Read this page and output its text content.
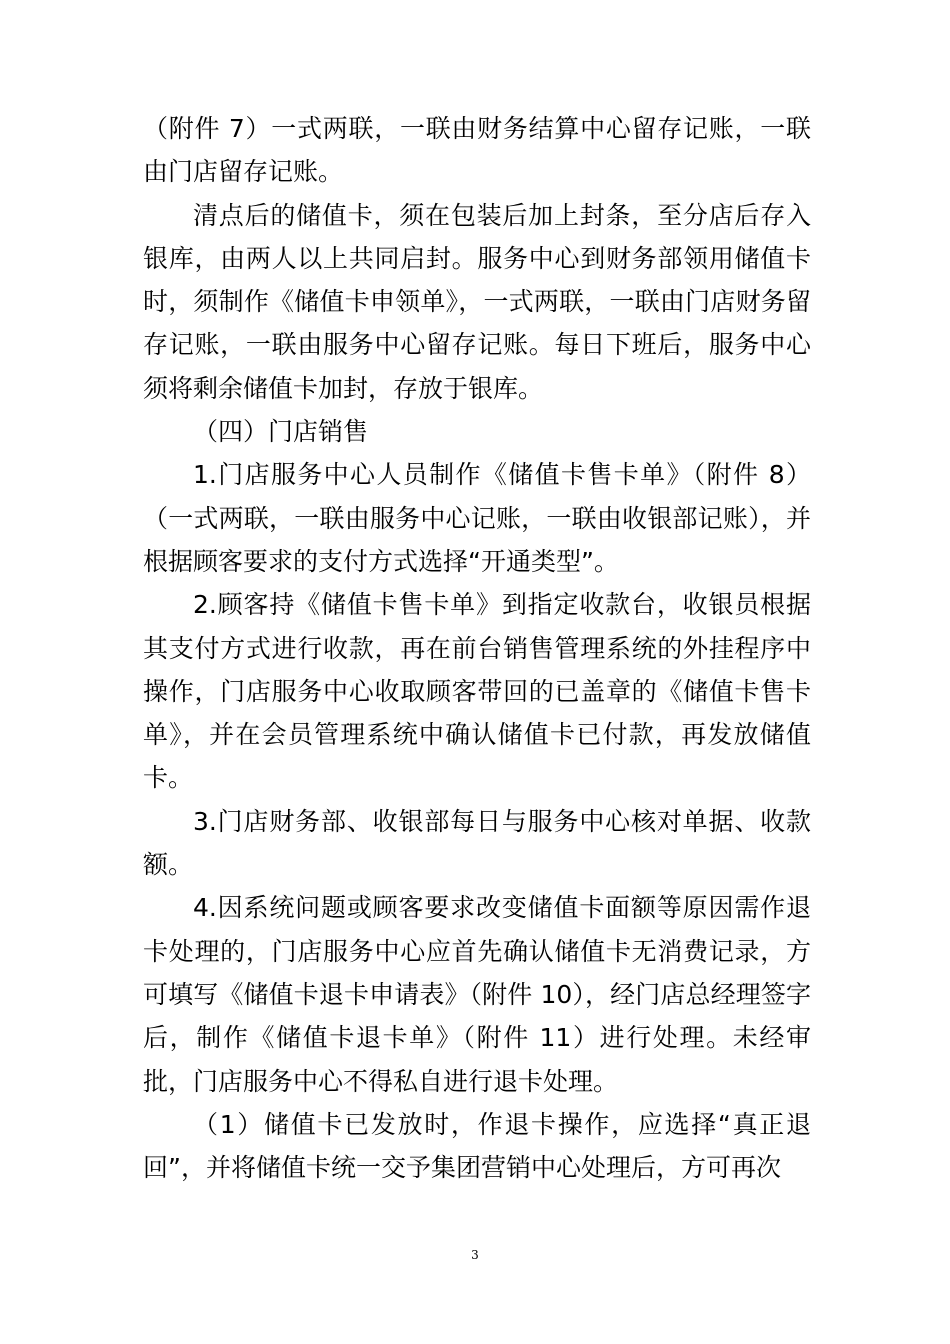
（附件 7）一式两联，一联由财务结算中心留存记账，一联由门店留存记账。

清点后的储值卡，须在包装后加上封条，至分店后存入银库，由两人以上共同启封。服务中心到财务部领用储值卡时，须制作《储值卡申领单》，一式两联，一联由门店财务留存记账，一联由服务中心留存记账。每日下班后，服务中心须将剩余储值卡加封，存放于银库。

（四）门店销售

1.门店服务中心人员制作《储值卡售卡单》（附件 8）（一式两联，一联由服务中心记账，一联由收银部记账），并根据顾客要求的支付方式选择“开通类型”。

2.顾客持《储值卡售卡单》到指定收款台，收银员根据其支付方式进行收款，再在前台销售管理系统的外挂程序中操作，门店服务中心收取顾客带回的已盖章的《储值卡售卡单》，并在会员管理系统中确认储值卡已付款，再发放储值卡。

3.门店财务部、收银部每日与服务中心核对单据、收款额。

4.因系统问题或顾客要求改变储值卡面额等原因需作退卡处理的，门店服务中心应首先确认储值卡无消费记录，方可填写《储值卡退卡申请表》（附件 10），经门店总经理签字后，制作《储值卡退卡单》（附件 11）进行处理。未经审批，门店服务中心不得私自进行退卡处理。

（1）储值卡已发放时，作退卡操作，应选择“真正退回”，并将储值卡统一交予集团营销中心处理后，方可再次

3
